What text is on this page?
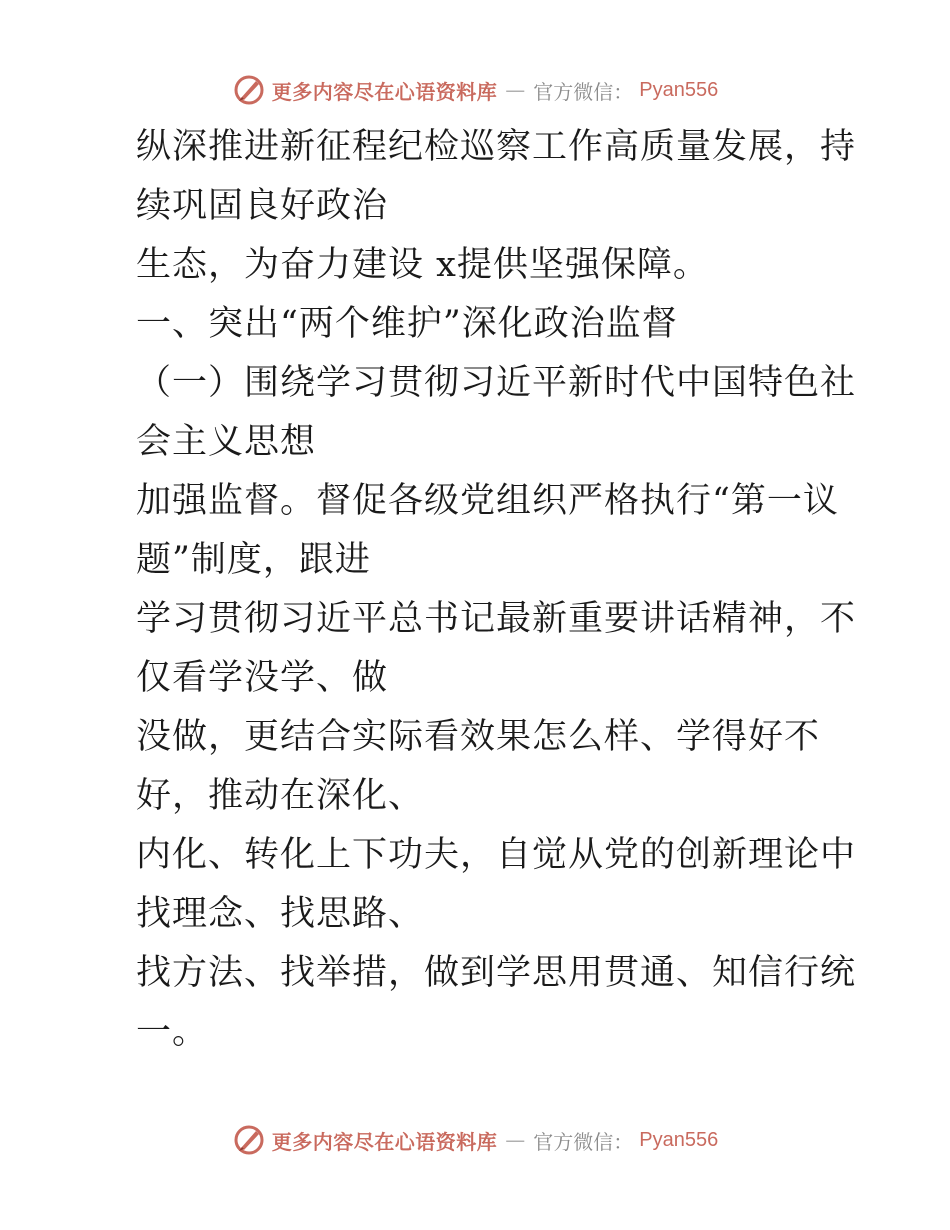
更多内容尽在心语资料库 — 官方微信： Pyan556

纵深推进新征程纪检巡察工作高质量发展，持续巩固良好政治

生态，为奋力建设 x提供坚强保障。

一、突出“两个维护”深化政治监督

（一）围绕学习贯彻习近平新时代中国特色社会主义思想

加强监督。督促各级党组织严格执行“第一议题”制度，跟进

学习贯彻习近平总书记最新重要讲话精神，不仅看学没学、做

没做，更结合实际看效果怎么样、学得好不好，推动在深化、

内化、转化上下功夫，自觉从党的创新理论中找理念、找思路、

找方法、找举措，做到学思用贯通、知信行统一。

更多内容尽在心语资料库 — 官方微信： Pyan556
